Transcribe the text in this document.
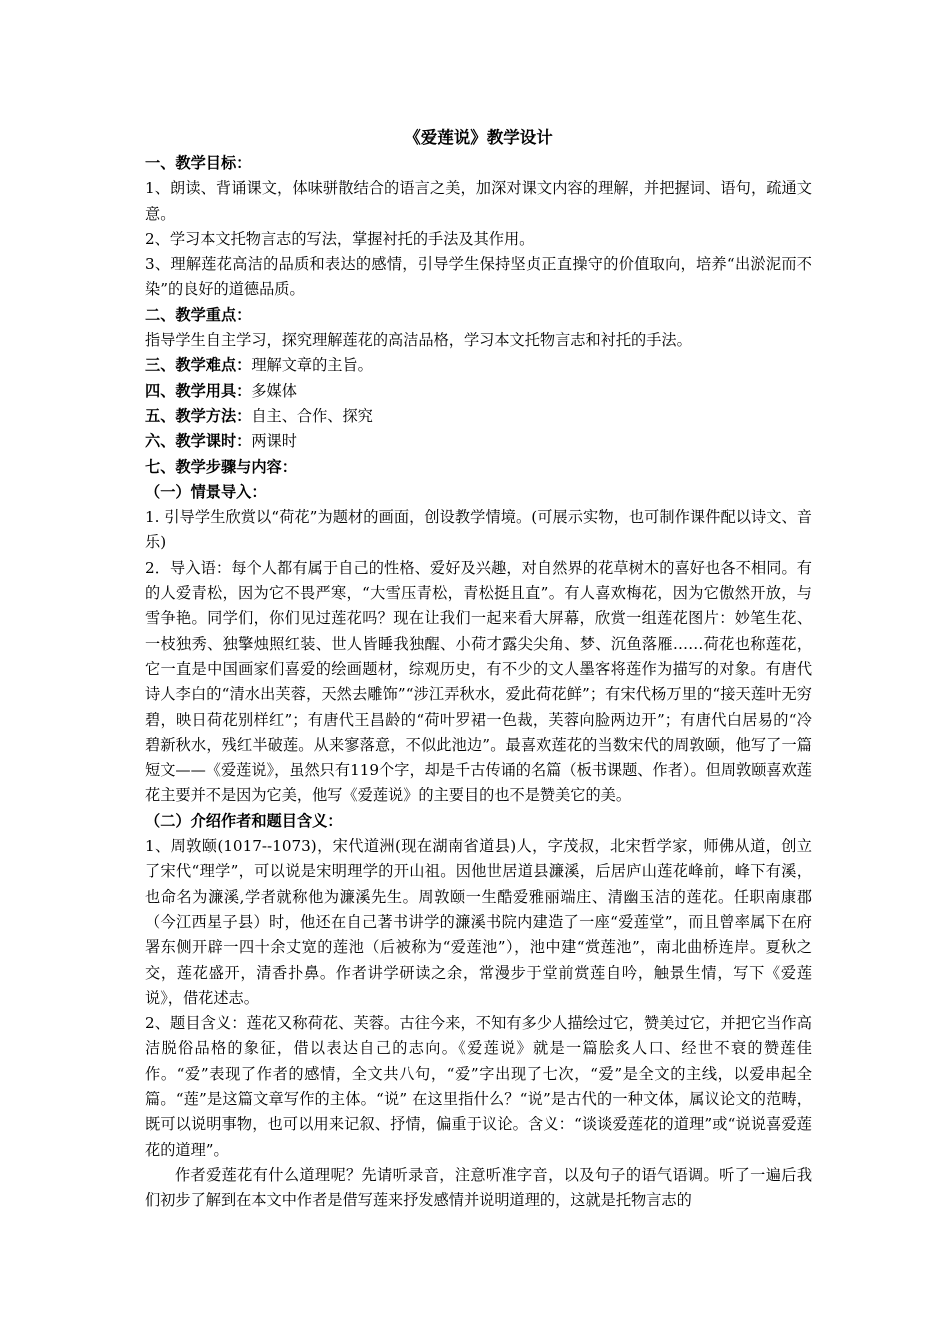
《爱莲说》教学设计

一、教学目标：

1、朗读、背诵课文，体味骈散结合的语言之美，加深对课文内容的理解，并把握词、语句，疏通文意。

2、学习本文托物言志的写法，掌握衬托的手法及其作用。

3、理解莲花高洁的品质和表达的感情，引导学生保持坚贞正直操守的价值取向，培养“出淤泥而不染”的良好的道德品质。

二、教学重点：

指导学生自主学习，探究理解莲花的高洁品格，学习本文托物言志和衬托的手法。

三、教学难点：理解文章的主旨。

四、教学用具：多媒体

五、教学方法：自主、合作、探究

六、教学课时：两课时

七、教学步骤与内容：

（一）情景导入：

1. 引导学生欣赏以“荷花”为题材的画面，创设教学情境。(可展示实物，也可制作课件配以诗文、音乐)

2．导入语：每个人都有属于自己的性格、爱好及兴趣，对自然界的花草树木的喜好也各不相同。有的人爱青松，因为它不畏严寒，“大雪压青松，青松挺且直”。有人喜欢梅花，因为它傲然开放，与雪争艳。同学们，你们见过莲花吗？现在让我们一起来看大屏幕，欣赏一组莲花图片：妙笔生花、一枝独秀、独擎烛照红装、世人皆睡我独醒、小荷才露尖尖角、梦、沉鱼落雁……荷花也称莲花，它一直是中国画家们喜爱的绘画题材，综观历史，有不少的文人墨客将莲作为描写的对象。有唐代诗人李白的“清水出芙蓉，天然去雕饰”“涉江弄秋水，爱此荷花鲜”；有宋代杨万里的“接天莲叶无穷碧，映日荷花别样红”；有唐代王昌龄的“荷叶罗裙一色裁，芙蓉向脸两边开”；有唐代白居易的“冷碧新秋水，残红半破莲。从来寥落意，不似此池边”。最喜欢莲花的当数宋代的周敦颐，他写了一篇短文——《爱莲说》，虽然只有119个字，却是千古传诵的名篇（板书课题、作者）。但周敦颐喜欢莲花主要并不是因为它美，他写《爱莲说》的主要目的也不是赞美它的美。

（二）介绍作者和题目含义：

1、周敦颐(1017--1073)，宋代道洲(现在湖南省道县)人，字茂叔，北宋哲学家，师佛从道，创立了宋代“理学”，可以说是宋明理学的开山祖。因他世居道县濂溪，后居庐山莲花峰前，峰下有溪，也命名为濂溪,学者就称他为濂溪先生。周敦颐一生酷爱雅丽端庄、清幽玉洁的莲花。任职南康郡（今江西星子县）时，他还在自己著书讲学的濂溪书院内建造了一座“爱莲堂”，而且曾率属下在府署东侧开辟一四十余丈宽的莲池（后被称为“爱莲池”），池中建“赏莲池”，南北曲桥连岸。夏秋之交，莲花盛开，清香扑鼻。作者讲学研读之余，常漫步于堂前赏莲自吟，触景生情，写下《爱莲说》，借花述志。

2、题目含义：莲花又称荷花、芙蓉。古往今来，不知有多少人描绘过它，赞美过它，并把它当作高洁脱俗品格的象征，借以表达自己的志向。《爱莲说》就是一篇脍炙人口、经世不衰的赞莲佳作。“爱”表现了作者的感情，全文共八句，“爱”字出现了七次，“爱”是全文的主线，以爱串起全篇。“莲”是这篇文章写作的主体。“说” 在这里指什么？“说”是古代的一种文体，属议论文的范畴，既可以说明事物，也可以用来记叙、抒情，偏重于议论。含义：“谈谈爱莲花的道理”或“说说喜爱莲花的道理”。

作者爱莲花有什么道理呢？先请听录音，注意听准字音，以及句子的语气语调。听了一遍后我们初步了解到在本文中作者是借写莲来抒发感情并说明道理的，这就是托物言志的
